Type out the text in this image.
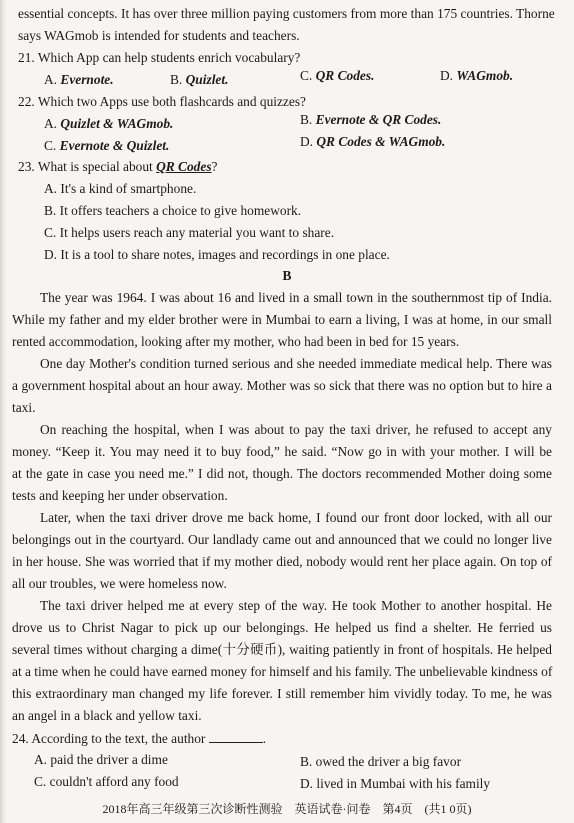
essential concepts. It has over three million paying customers from more than 175 countries. Thorne
says WAGmob is intended for students and teachers.
21. Which App can help students enrich vocabulary?
A. Evernote.	B. Quizlet.	C. QR Codes.	D. WAGmob.
22. Which two Apps use both flashcards and quizzes?
A. Quizlet & WAGmob.	B. Evernote & QR Codes.
C. Evernote & Quizlet.	D. QR Codes & WAGmob.
23. What is special about QR Codes?
A. It's a kind of smartphone.
B. It offers teachers a choice to give homework.
C. It helps users reach any material you want to share.
D. It is a tool to share notes, images and recordings in one place.
B
The year was 1964. I was about 16 and lived in a small town in the southernmost tip of India.
While my father and my elder brother were in Mumbai to earn a living, I was at home, in our small
rented accommodation, looking after my mother, who had been in bed for 15 years.
One day Mother's condition turned serious and she needed immediate medical help. There was
a government hospital about an hour away. Mother was so sick that there was no option but to hire a
taxi.
On reaching the hospital, when I was about to pay the taxi driver, he refused to accept any
money. “Keep it. You may need it to buy food,” he said. “Now go in with your mother. I will be
at the gate in case you need me.” I did not, though. The doctors recommended Mother doing some
tests and keeping her under observation.
Later, when the taxi driver drove me back home, I found our front door locked, with all our
belongings out in the courtyard. Our landlady came out and announced that we could no longer live
in her house. She was worried that if my mother died, nobody would rent her place again. On top of
all our troubles, we were homeless now.
The taxi driver helped me at every step of the way. He took Mother to another hospital. He
drove us to Christ Nagar to pick up our belongings. He helped us find a shelter. He ferried us
several times without charging a dime(十分硬币), waiting patiently in front of hospitals. He helped
at a time when he could have earned money for himself and his family. The unbelievable kindness of
this extraordinary man changed my life forever. I still remember him vividly today. To me, he was
an angel in a black and yellow taxi.
24. According to the text, the author	.
A. paid the driver a dime	B. owed the driver a big favor
C. couldn't afford any food	D. lived in Mumbai with his family
2018年高三年级第三次诊断性测验　英语试卷·问卷　第4页　(共1 0页)
